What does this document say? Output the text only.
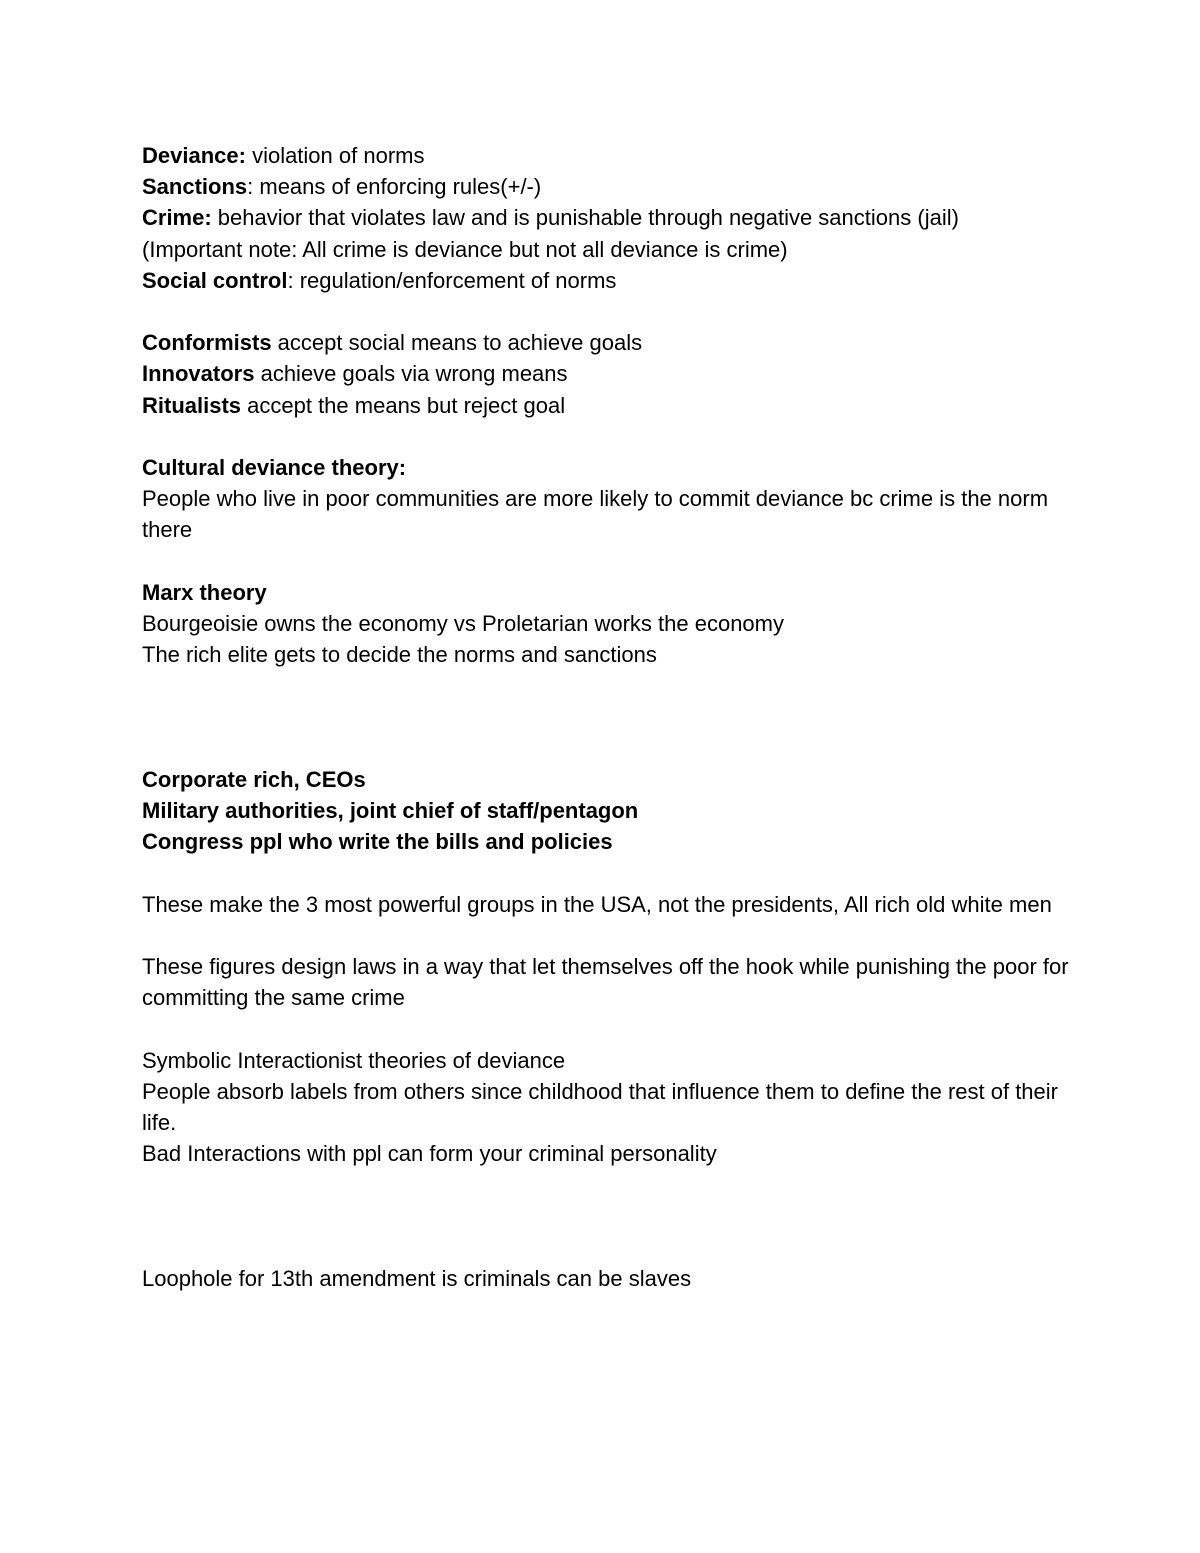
Deviance: violation of norms

Sanctions: means of enforcing rules(+/-)

Crime: behavior that violates law and is punishable through negative sanctions (jail)

(Important note: All crime is deviance but not all deviance is crime)

Social control: regulation/enforcement of norms

Conformists accept social means to achieve goals

Innovators achieve goals via wrong means

Ritualists accept the means but reject goal

Cultural deviance theory:

People who live in poor communities are more likely to commit deviance bc crime is the norm there

Marx theory

Bourgeoisie owns the economy vs Proletarian works the economy

The rich elite gets to decide the norms and sanctions

Corporate rich, CEOs

Military authorities, joint chief of staff/pentagon

Congress ppl who write the bills and policies

These make the 3 most powerful groups in the USA, not the presidents, All rich old white men

These figures design laws in a way that let themselves off the hook while punishing the poor for committing the same crime

Symbolic Interactionist theories of deviance

People absorb labels from others since childhood that influence them to define the rest of their life.

Bad Interactions with ppl can form your criminal personality

Loophole for 13th amendment is criminals can be slaves
